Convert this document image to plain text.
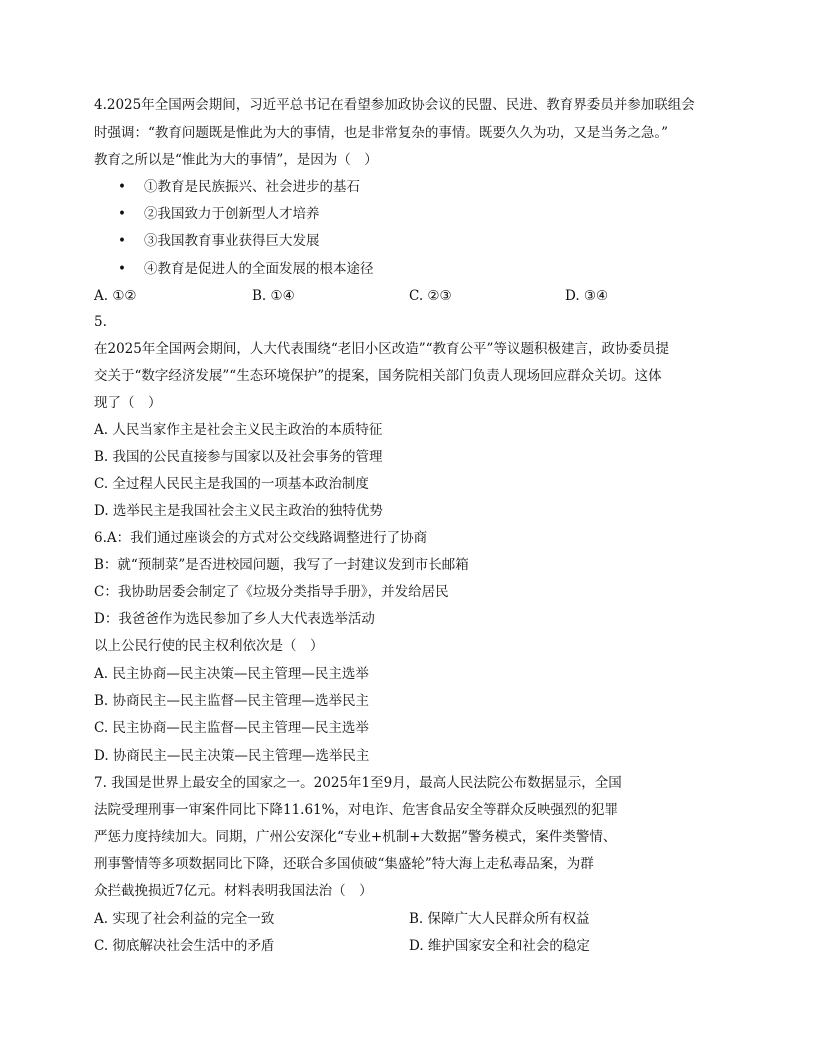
4.2025年全国两会期间，习近平总书记在看望参加政协会议的民盟、民进、教育界委员并参加联组会
时强调：“教育问题既是惟此为大的事情，也是非常复杂的事情。既要久久为功，又是当务之急。”
教育之所以是“惟此为大的事情”，是因为（　）
• ①教育是民族振兴、社会进步的基石
• ②我国致力于创新型人才培养
• ③我国教育事业获得巨大发展
• ④教育是促进人的全面发展的根本途径
A. ①②	B. ①④	C. ②③	D. ③④
5.
在2025年全国两会期间，人大代表围绕“老旧小区改造”“教育公平”等议题积极建言，政协委员提
交关于“数字经济发展”“生态环境保护”的提案，国务院相关部门负责人现场回应群众关切。这体
现了（　）
A. 人民当家作主是社会主义民主政治的本质特征
B. 我国的公民直接参与国家以及社会事务的管理
C. 全过程人民民主是我国的一项基本政治制度
D. 选举民主是我国社会主义民主政治的独特优势
6.A：我们通过座谈会的方式对公交线路调整进行了协商
B：就“预制菜”是否进校园问题，我写了一封建议发到市长邮箱
C：我协助居委会制定了《垃圾分类指导手册》，并发给居民
D：我爸爸作为选民参加了乡人大代表选举活动
以上公民行使的民主权利依次是（　）
A. 民主协商—民主决策—民主管理—民主选举
B. 协商民主—民主监督—民主管理—选举民主
C. 民主协商—民主监督—民主管理—民主选举
D. 协商民主—民主决策—民主管理—选举民主
7. 我国是世界上最安全的国家之一。2025年1至9月，最高人民法院公布数据显示，全国
法院受理刑事一审案件同比下降11.61%，对电诈、危害食品安全等群众反映强烈的犯罪
严惩力度持续加大。同期，广州公安深化“专业+机制+大数据”警务模式，案件类警情、
刑事警情等多项数据同比下降，还联合多国侦破“集盛轮”特大海上走私毒品案，为群
众拦截挽损近7亿元。材料表明我国法治（　）
A. 实现了社会利益的完全一致	B. 保障广大人民群众所有权益
C. 彻底解决社会生活中的矛盾	D. 维护国家安全和社会的稳定
